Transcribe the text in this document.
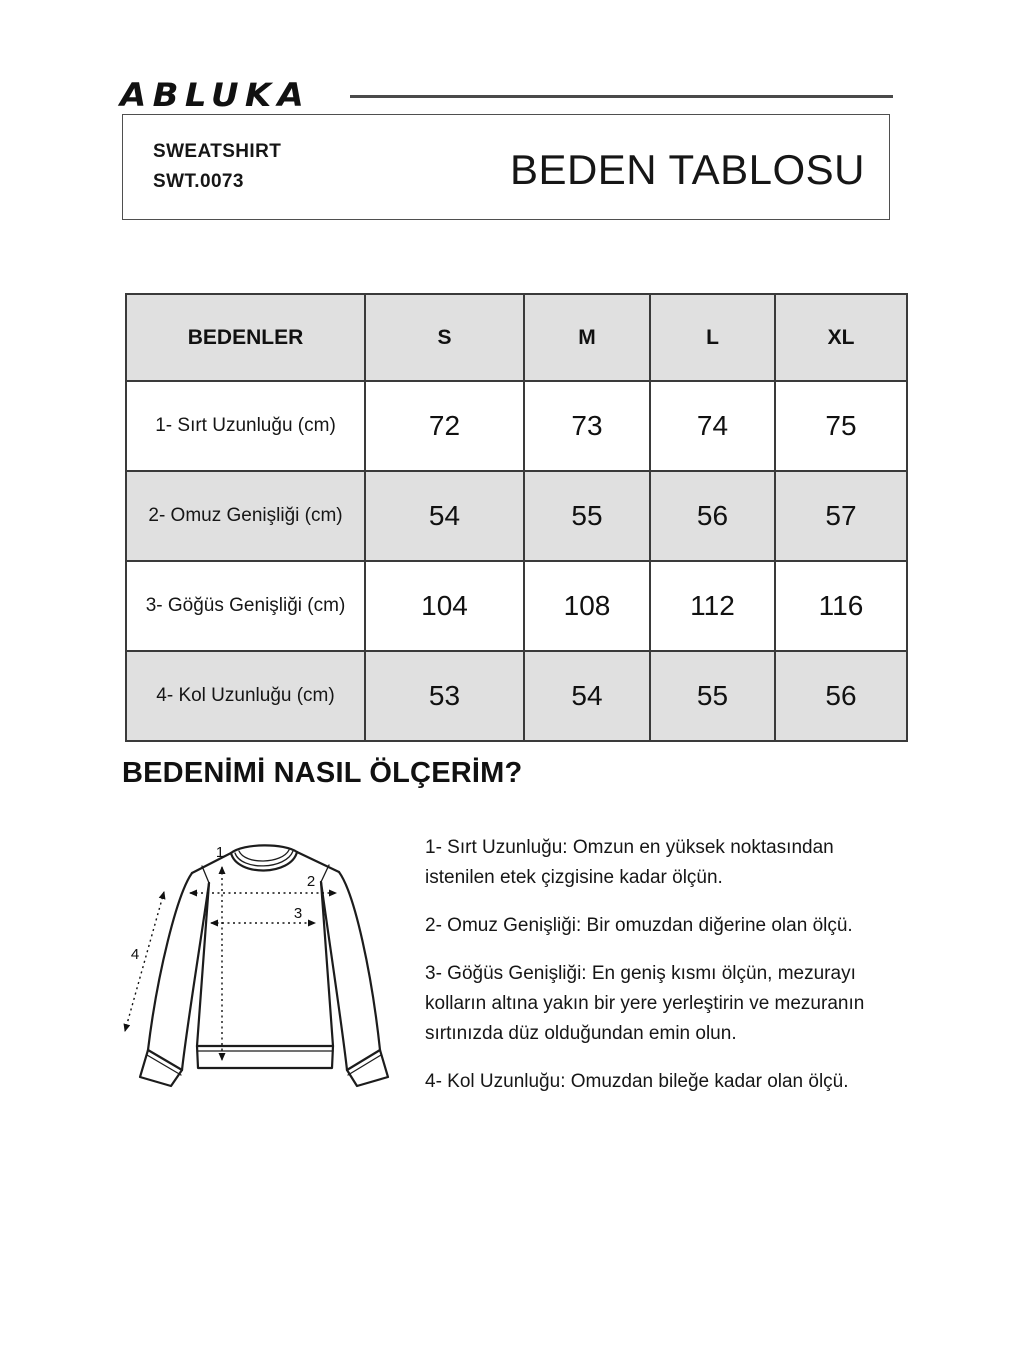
ABLUKA
SWEATSHIRT
SWT.0073	BEDEN TABLOSU
BEDENLER	S	M	L	XL
1- Sırt Uzunluğu (cm)	72	73	74	75
2- Omuz Genişliği (cm)	54	55	56	57
3- Göğüs Genişliği (cm)	104	108	112	116
4- Kol Uzunluğu (cm)	53	54	55	56
BEDENİMİ NASIL ÖLÇERİM?
1
2
3
4

1- Sırt Uzunluğu: Omzun en yüksek noktasından istenilen etek çizgisine kadar ölçün.

2- Omuz Genişliği: Bir omuzdan diğerine olan ölçü.

3- Göğüs Genişliği: En geniş kısmı ölçün, mezurayı kolların altına yakın bir yere yerleştirin ve mezuranın sırtınızda düz olduğundan emin olun.

4- Kol Uzunluğu: Omuzdan bileğe kadar olan ölçü.
